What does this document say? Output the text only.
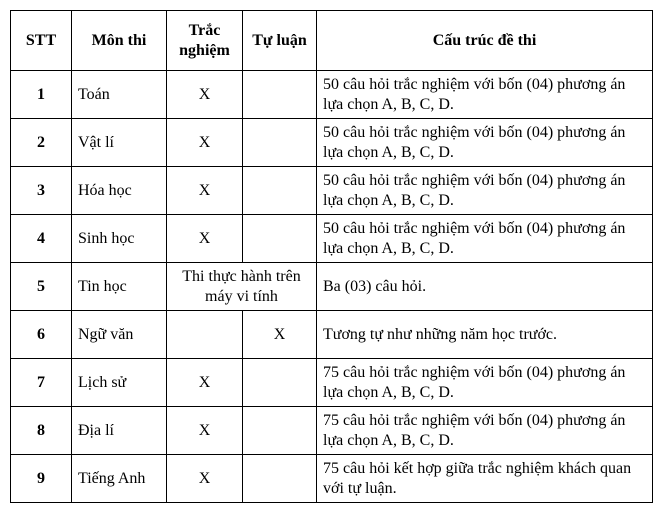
STT	Môn thi	Trắc nghiệm	Tự luận	Cấu trúc đề thi
1	Toán	X		50 câu hỏi trắc nghiệm với bốn (04) phương án lựa chọn A, B, C, D.
2	Vật lí	X		50 câu hỏi trắc nghiệm với bốn (04) phương án lựa chọn A, B, C, D.
3	Hóa học	X		50 câu hỏi trắc nghiệm với bốn (04) phương án lựa chọn A, B, C, D.
4	Sinh học	X		50 câu hỏi trắc nghiệm với bốn (04) phương án lựa chọn A, B, C, D.
5	Tin học	Thi thực hành trên máy vi tính		Ba (03) câu hỏi.
6	Ngữ văn		X	Tương tự như những năm học trước.
7	Lịch sử	X		75 câu hỏi trắc nghiệm với bốn (04) phương án lựa chọn A, B, C, D.
8	Địa lí	X		75 câu hỏi trắc nghiệm với bốn (04) phương án lựa chọn A, B, C, D.
9	Tiếng Anh	X		75 câu hỏi kết hợp giữa trắc nghiệm khách quan với tự luận.
